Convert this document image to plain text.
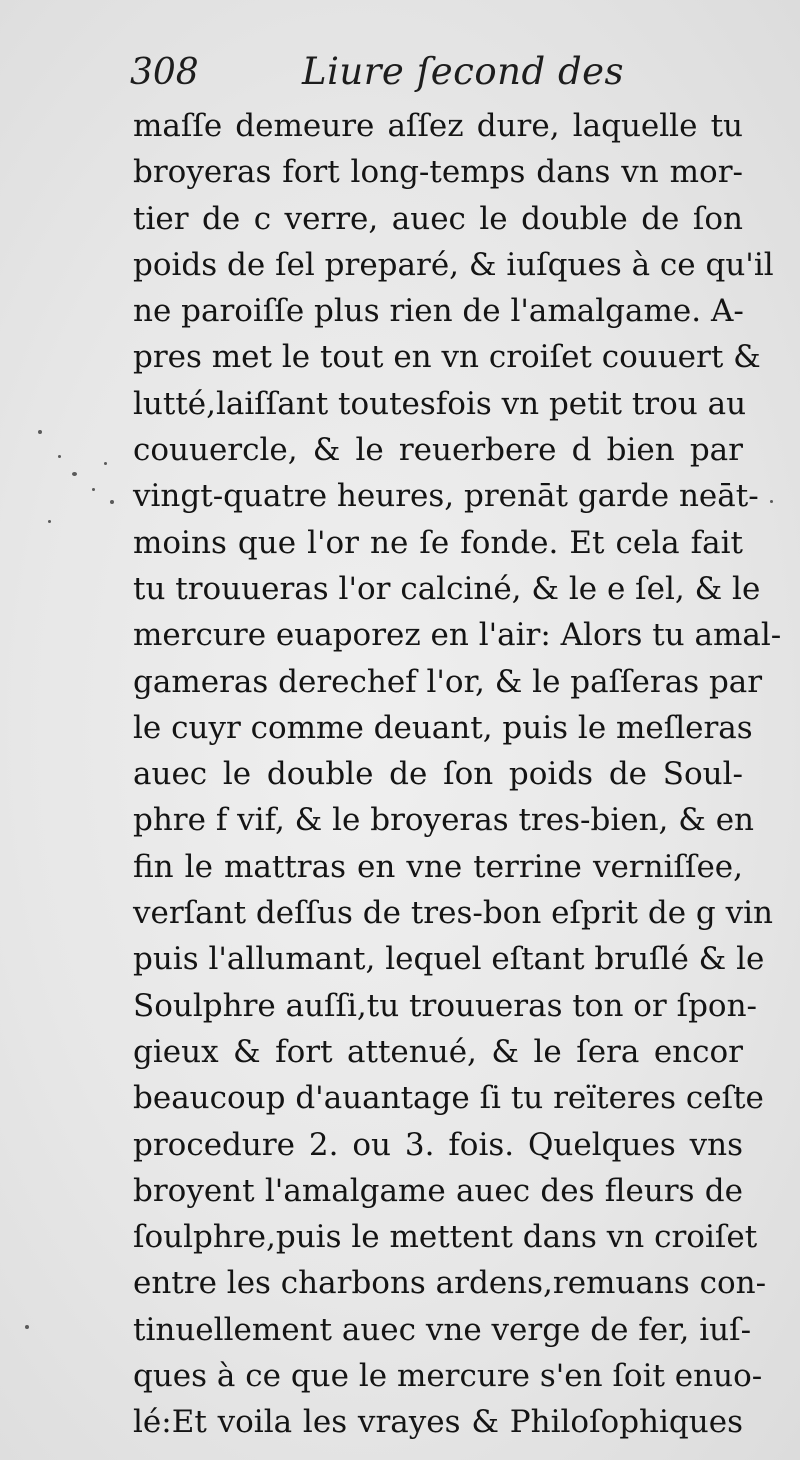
308	Liure ſecond des
maſſe demeure aſſez dure, laquelle tu
broyeras fort long-temps dans vn mor-
tier de c verre, auec le double de ſon
poids de ſel preparé, & iuſques à ce qu'il
ne paroiſſe plus rien de l'amalgame. A-
pres met le tout en vn croiſet couuert &
lutté,laiſſant toutesfois vn petit trou au
couuercle, & le reuerbere d bien par
vingt-quatre heures, prenāt garde neāt-
moins que l'or ne ſe fonde. Et cela fait
tu trouueras l'or calciné, & le e ſel, & le
mercure euaporez en l'air: Alors tu amal-
gameras derechef l'or, & le paſſeras par
le cuyr comme deuant, puis le meſleras
auec le double de ſon poids de Soul-
phre f vif, & le broyeras tres-bien, & en
fin le mattras en vne terrine verniſſee,
verſant deſſus de tres-bon eſprit de g vin
puis l'allumant, lequel eſtant bruſlé & le
Soulphre auſſi,tu trouueras ton or ſpon-
gieux & fort attenué, & le ſera encor
beaucoup d'auantage ſi tu reïteres ceſte
procedure 2. ou 3. fois. Quelques vns
broyent l'amalgame auec des fleurs de
ſoulphre,puis le mettent dans vn croiſet
entre les charbons ardens,remuans con-
tinuellement auec vne verge de fer, iuſ-
ques à ce que le mercure s'en ſoit enuo-
lé:Et voila les vrayes & Philoſophiques
